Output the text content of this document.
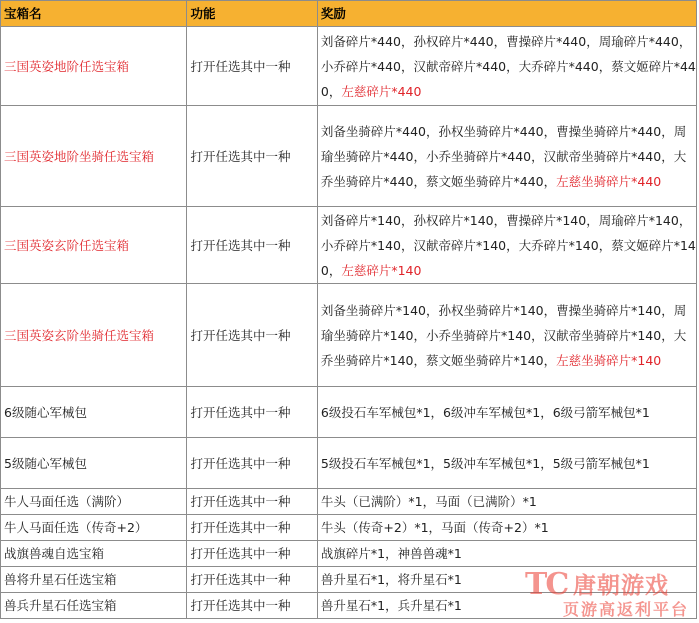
宝箱名	功能	奖励
三国英姿地阶任选宝箱	打开任选其中一种	刘备碎片*440，孙权碎片*440，曹操碎片*440，周瑜碎片*440，小乔碎片*440，汉献帝碎片*440，大乔碎片*440，蔡文姬碎片*440，左慈碎片*440
三国英姿地阶坐骑任选宝箱	打开任选其中一种	刘备坐骑碎片*440，孙权坐骑碎片*440，曹操坐骑碎片*440，周瑜坐骑碎片*440，小乔坐骑碎片*440，汉献帝坐骑碎片*440，大乔坐骑碎片*440，蔡文姬坐骑碎片*440，左慈坐骑碎片*440
三国英姿玄阶任选宝箱	打开任选其中一种	刘备碎片*140，孙权碎片*140，曹操碎片*140，周瑜碎片*140，小乔碎片*140，汉献帝碎片*140，大乔碎片*140，蔡文姬碎片*140，左慈碎片*140
三国英姿玄阶坐骑任选宝箱	打开任选其中一种	刘备坐骑碎片*140，孙权坐骑碎片*140，曹操坐骑碎片*140，周瑜坐骑碎片*140，小乔坐骑碎片*140，汉献帝坐骑碎片*140，大乔坐骑碎片*140，蔡文姬坐骑碎片*140，左慈坐骑碎片*140
6级随心军械包	打开任选其中一种	6级投石车军械包*1，6级冲车军械包*1，6级弓箭军械包*1
5级随心军械包	打开任选其中一种	5级投石车军械包*1，5级冲车军械包*1，5级弓箭军械包*1
牛人马面任选（满阶）	打开任选其中一种	牛头（已满阶）*1，马面（已满阶）*1
牛人马面任选（传奇+2）	打开任选其中一种	牛头（传奇+2）*1，马面（传奇+2）*1
战旗兽魂自选宝箱	打开任选其中一种	战旗碎片*1，神兽兽魂*1
兽将升星石任选宝箱	打开任选其中一种	兽升星石*1，将升星石*1
兽兵升星石任选宝箱	打开任选其中一种	兽升星石*1，兵升星石*1
TC 唐朝游戏
页游高返利平台
